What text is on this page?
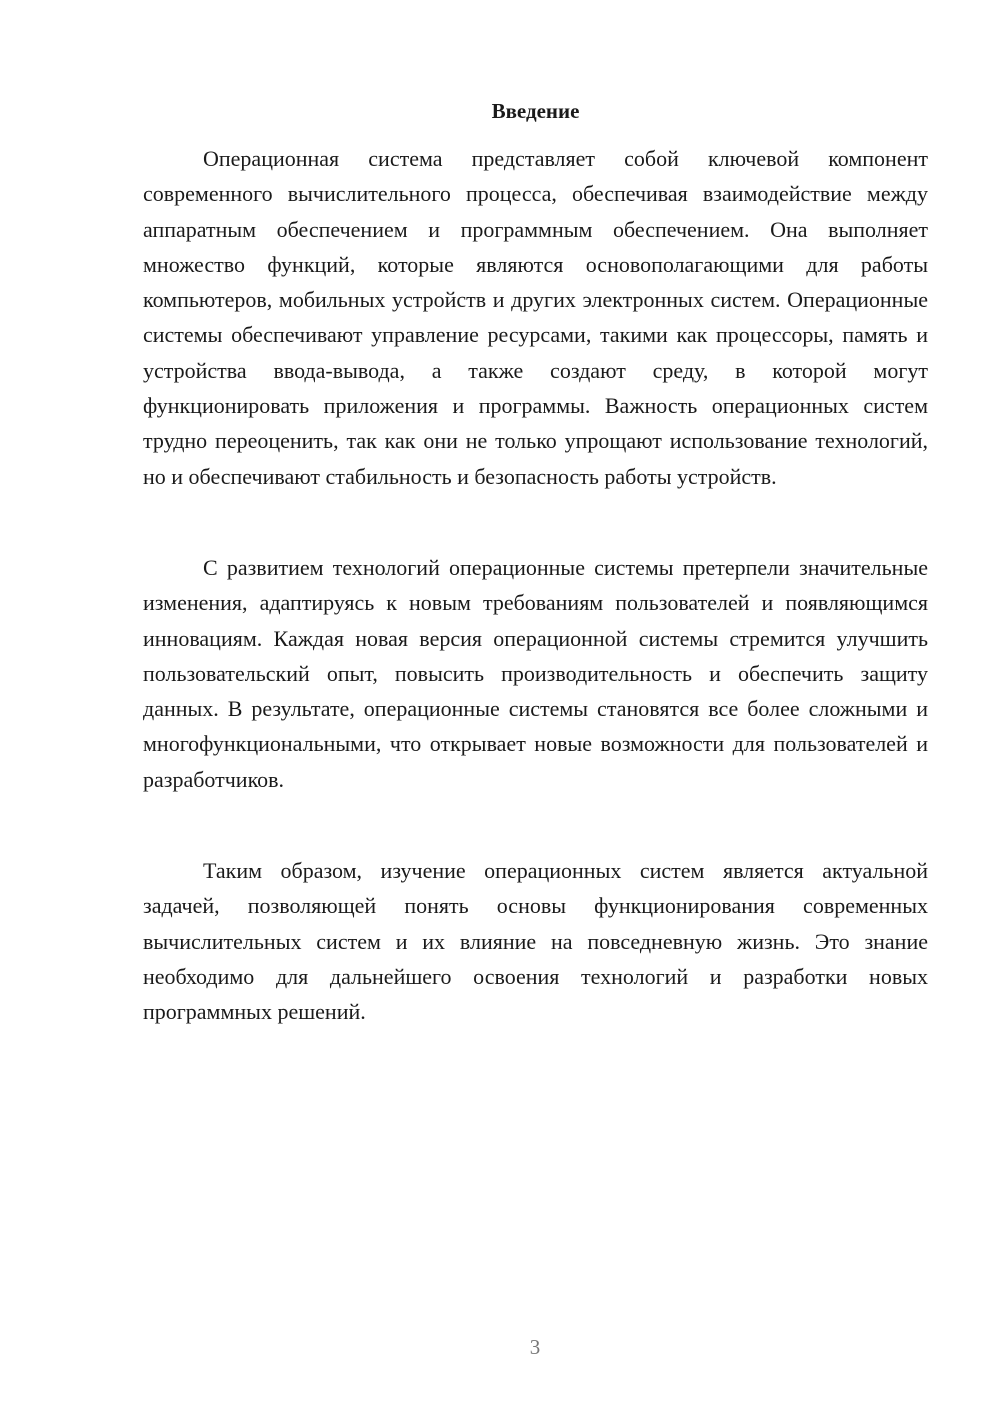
Введение

Операционная система представляет собой ключевой компонент современного вычислительного процесса, обеспечивая взаимодействие между аппаратным обеспечением и программным обеспечением. Она выполняет множество функций, которые являются основополагающими для работы компьютеров, мобильных устройств и других электронных систем. Операционные системы обеспечивают управление ресурсами, такими как процессоры, память и устройства ввода-вывода, а также создают среду, в которой могут функционировать приложения и программы. Важность операционных систем трудно переоценить, так как они не только упрощают использование технологий, но и обеспечивают стабильность и безопасность работы устройств.

С развитием технологий операционные системы претерпели значительные изменения, адаптируясь к новым требованиям пользователей и появляющимся инновациям. Каждая новая версия операционной системы стремится улучшить пользовательский опыт, повысить производительность и обеспечить защиту данных. В результате, операционные системы становятся все более сложными и многофункциональными, что открывает новые возможности для пользователей и разработчиков.

Таким образом, изучение операционных систем является актуальной задачей, позволяющей понять основы функционирования современных вычислительных систем и их влияние на повседневную жизнь. Это знание необходимо для дальнейшего освоения технологий и разработки новых программных решений.

3
